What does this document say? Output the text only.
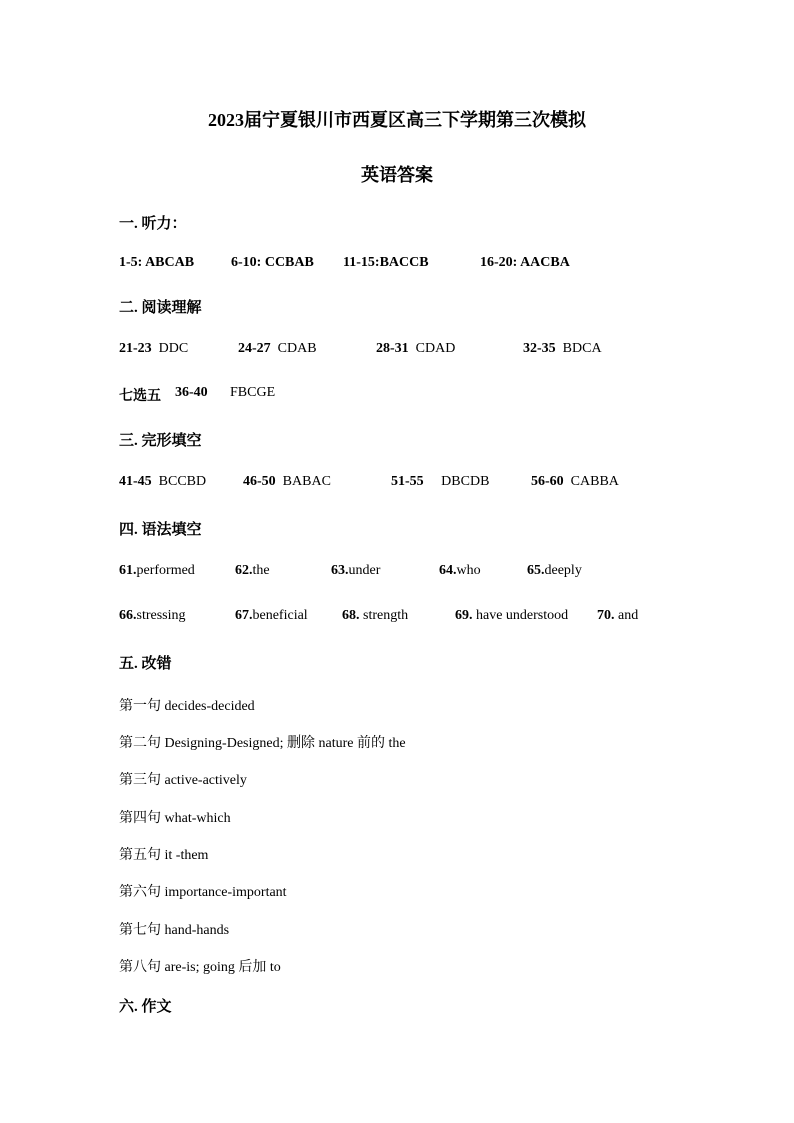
2023届宁夏银川市西夏区高三下学期第三次模拟
英语答案
一. 听力：
1-5: ABCAB	6-10: CCBAB 11-15:BACCB	16-20: AACBA
二. 阅读理解
21-23 DDC	24-27 CDAB	28-31 CDAD	32-35 BDCA
七选五 36-40 FBCGE
三. 完形填空
41-45 BCCBD	46-50 BABAC	51-55 DBCDB	56-60 CABBA
四. 语法填空
61.performed	62.the	63.under	64.who	65.deeply
66.stressing	67.beneficial 68. strength	69. have understood 70. and
五. 改错
第一句 decides-decided
第二句 Designing-Designed; 删除 nature 前的 the
第三句 active-actively
第四句 what-which
第五句 it -them
第六句 importance-important
第七句 hand-hands
第八句 are-is; going 后加 to
六. 作文
